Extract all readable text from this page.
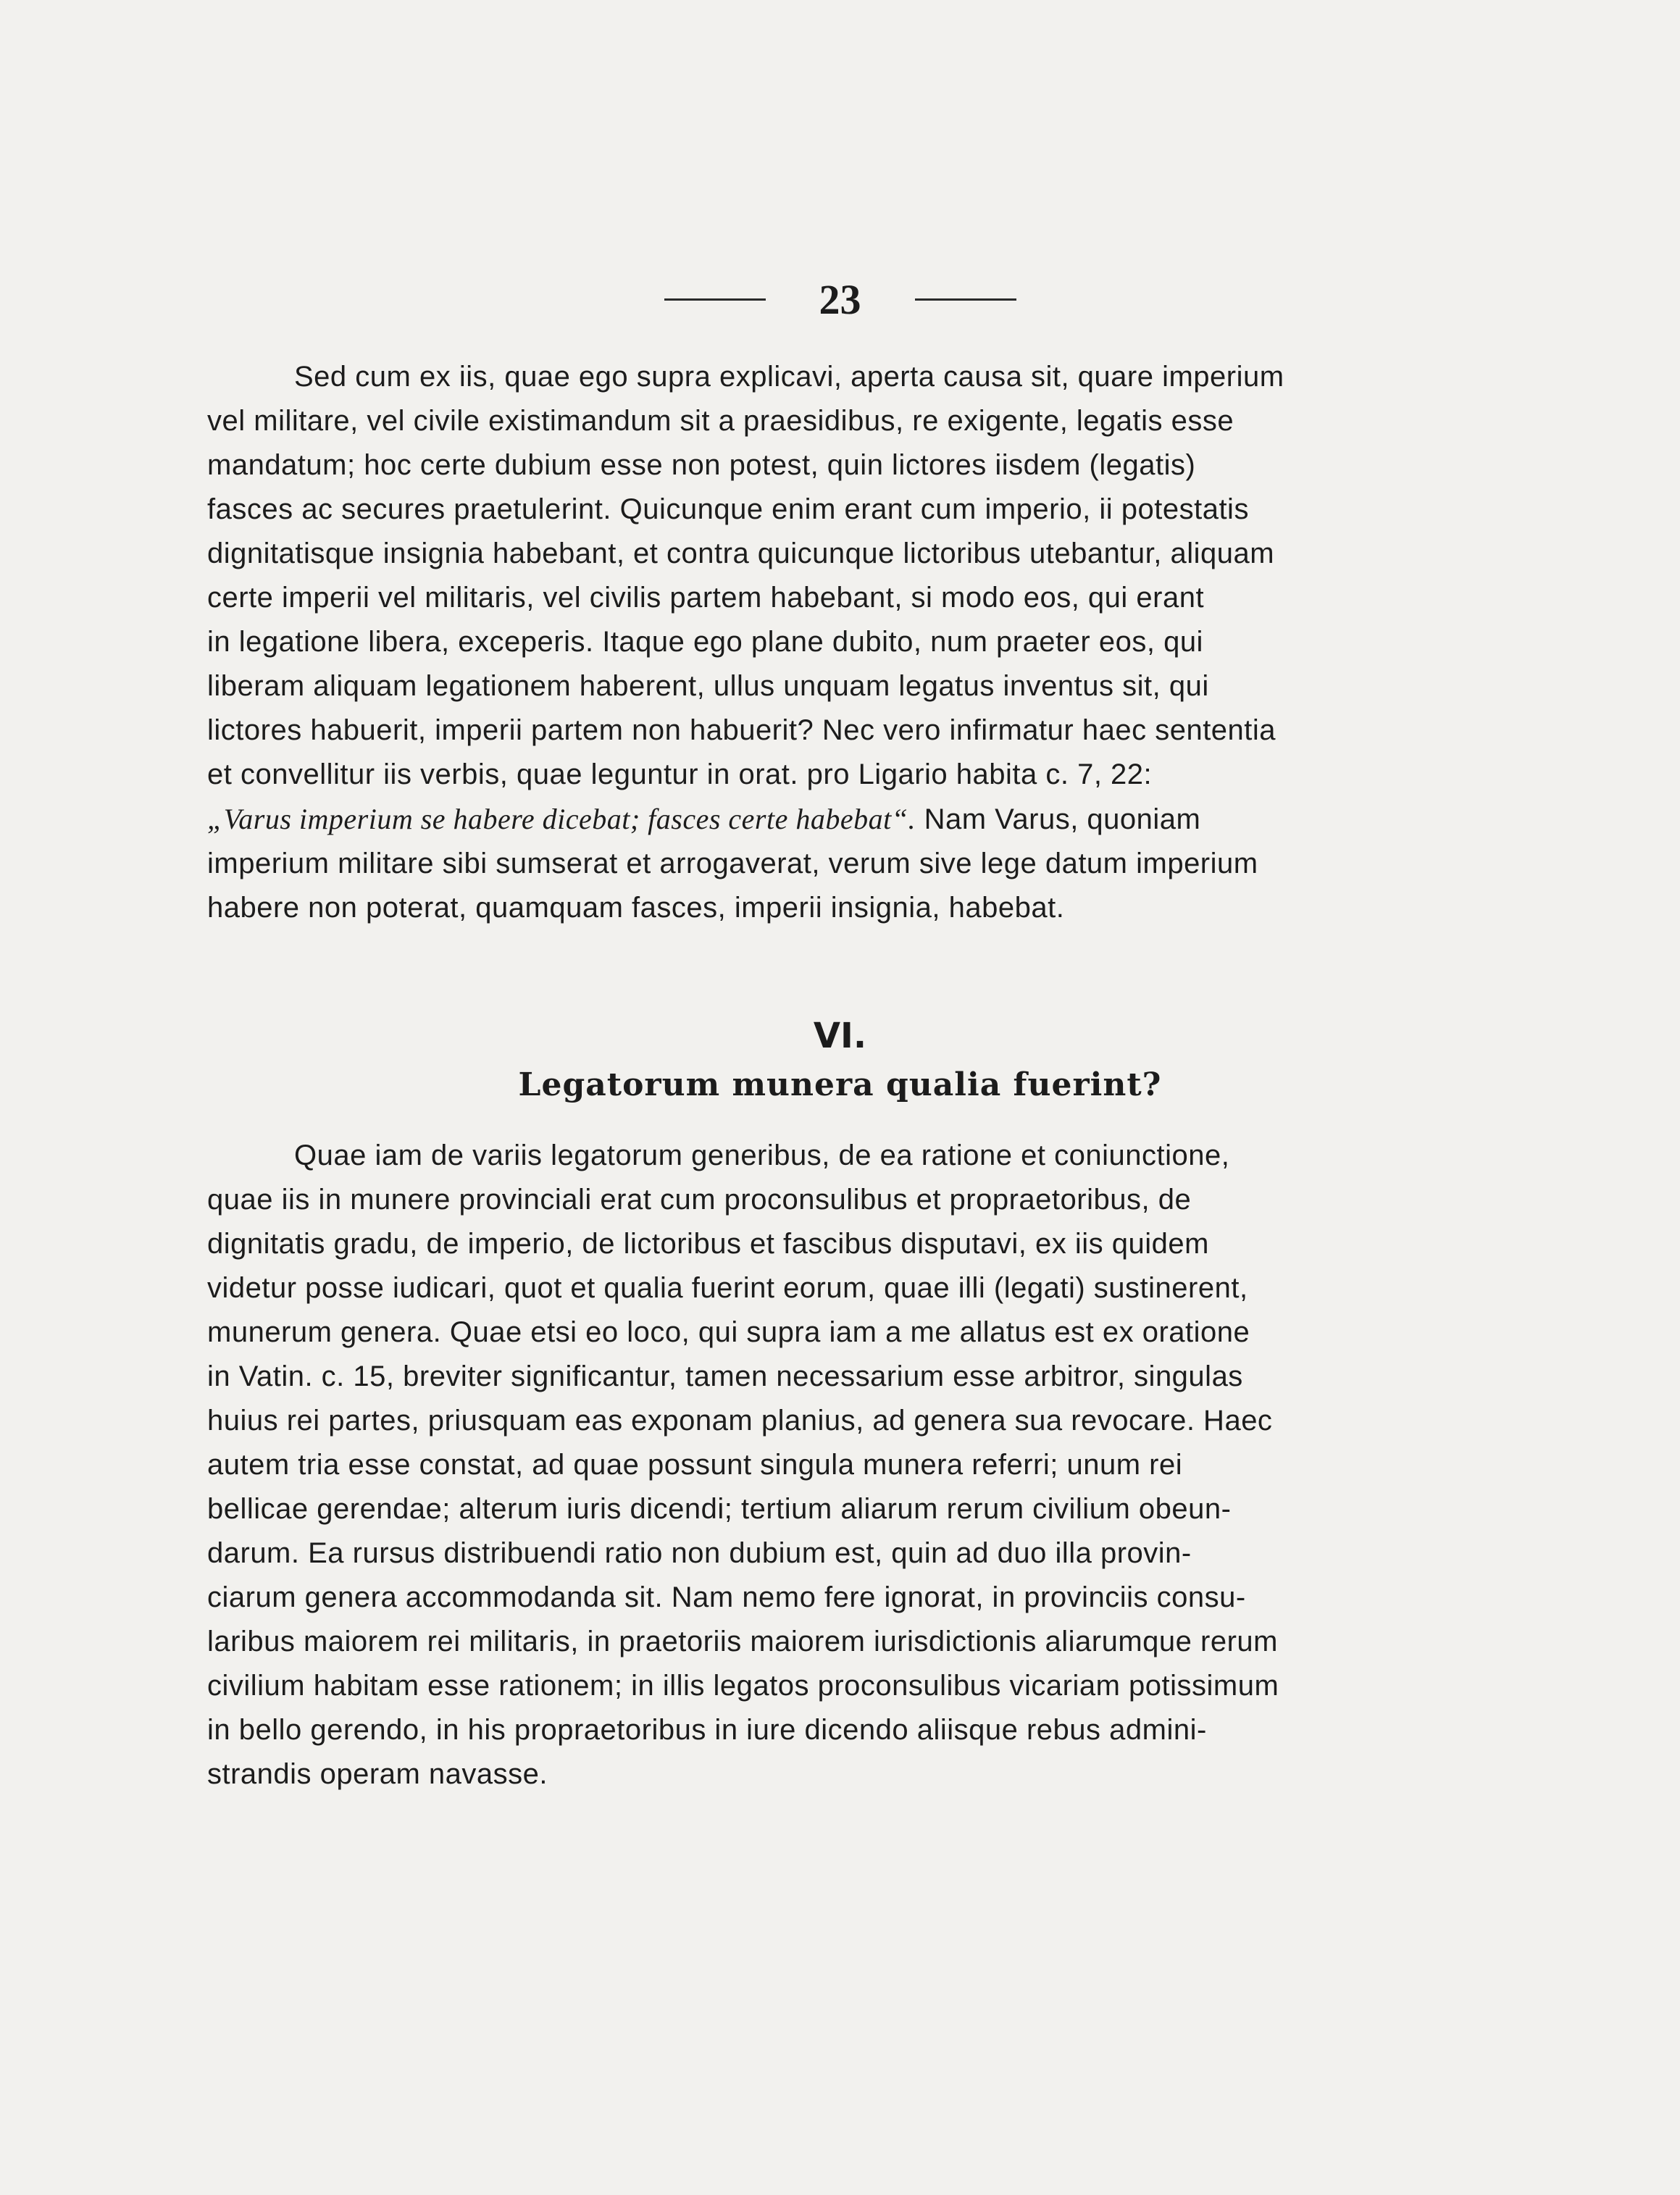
23
Sed cum ex iis, quae ego supra explicavi, aperta causa sit, quare imperium
vel militare, vel civile existimandum sit a praesidibus, re exigente, legatis esse
mandatum; hoc certe dubium esse non potest, quin lictores iisdem (legatis)
fasces ac secures praetulerint. Quicunque enim erant cum imperio, ii potestatis
dignitatisque insignia habebant, et contra quicunque lictoribus utebantur, aliquam
certe imperii vel militaris, vel civilis partem habebant, si modo eos, qui erant
in legatione libera, exceperis. Itaque ego plane dubito, num praeter eos, qui
liberam aliquam legationem haberent, ullus unquam legatus inventus sit, qui
lictores habuerit, imperii partem non habuerit? Nec vero infirmatur haec sententia
et convellitur iis verbis, quae leguntur in orat. pro Ligario habita c. 7, 22:
„Varus imperium se habere dicebat; fasces certe habebat“. Nam Varus, quoniam
imperium militare sibi sumserat et arrogaverat, verum sive lege datum imperium
habere non poterat, quamquam fasces, imperii insignia, habebat.
VI.
Legatorum munera qualia fuerint?
Quae iam de variis legatorum generibus, de ea ratione et coniunctione,
quae iis in munere provinciali erat cum proconsulibus et propraetoribus, de
dignitatis gradu, de imperio, de lictoribus et fascibus disputavi, ex iis quidem
videtur posse iudicari, quot et qualia fuerint eorum, quae illi (legati) sustinerent,
munerum genera. Quae etsi eo loco, qui supra iam a me allatus est ex oratione
in Vatin. c. 15, breviter significantur, tamen necessarium esse arbitror, singulas
huius rei partes, priusquam eas exponam planius, ad genera sua revocare. Haec
autem tria esse constat, ad quae possunt singula munera referri; unum rei
bellicae gerendae; alterum iuris dicendi; tertium aliarum rerum civilium obeun-
darum. Ea rursus distribuendi ratio non dubium est, quin ad duo illa provin-
ciarum genera accommodanda sit. Nam nemo fere ignorat, in provinciis consu-
laribus maiorem rei militaris, in praetoriis maiorem iurisdictionis aliarumque rerum
civilium habitam esse rationem; in illis legatos proconsulibus vicariam potissimum
in bello gerendo, in his propraetoribus in iure dicendo aliisque rebus admini-
strandis operam navasse.
